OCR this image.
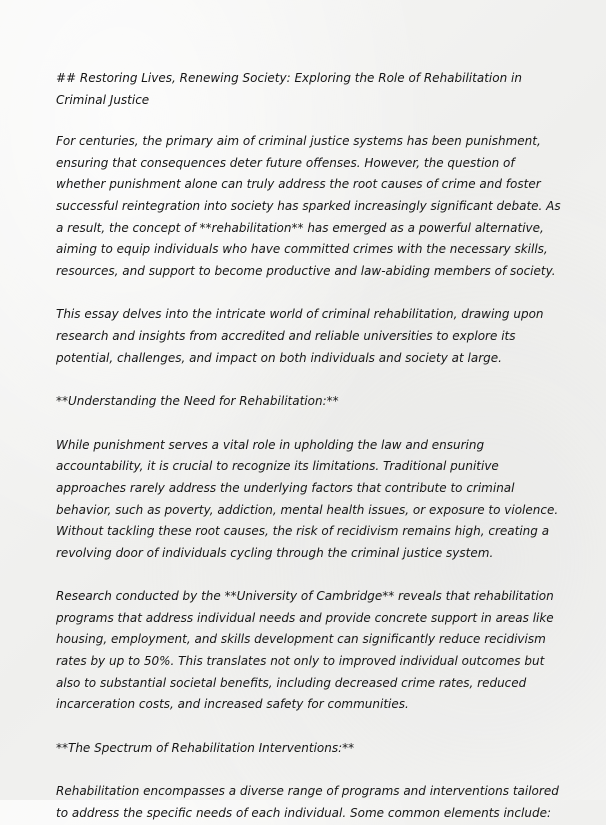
## Restoring Lives, Renewing Society: Exploring the Role of Rehabilitation in Criminal Justice

For centuries, the primary aim of criminal justice systems has been punishment, ensuring that consequences deter future offenses. However, the question of whether punishment alone can truly address the root causes of crime and foster successful reintegration into society has sparked increasingly significant debate. As a result, the concept of **rehabilitation** has emerged as a powerful alternative, aiming to equip individuals who have committed crimes with the necessary skills, resources, and support to become productive and law-abiding members of society.

This essay delves into the intricate world of criminal rehabilitation, drawing upon research and insights from accredited and reliable universities to explore its potential, challenges, and impact on both individuals and society at large.

**Understanding the Need for Rehabilitation:**

While punishment serves a vital role in upholding the law and ensuring accountability, it is crucial to recognize its limitations. Traditional punitive approaches rarely address the underlying factors that contribute to criminal behavior, such as poverty, addiction, mental health issues, or exposure to violence. Without tackling these root causes, the risk of recidivism remains high, creating a revolving door of individuals cycling through the criminal justice system.

Research conducted by the **University of Cambridge** reveals that rehabilitation programs that address individual needs and provide concrete support in areas like housing, employment, and skills development can significantly reduce recidivism rates by up to 50%. This translates not only to improved individual outcomes but also to substantial societal benefits, including decreased crime rates, reduced incarceration costs, and increased safety for communities.

**The Spectrum of Rehabilitation Interventions:**

Rehabilitation encompasses a diverse range of programs and interventions tailored to address the specific needs of each individual. Some common elements include:
